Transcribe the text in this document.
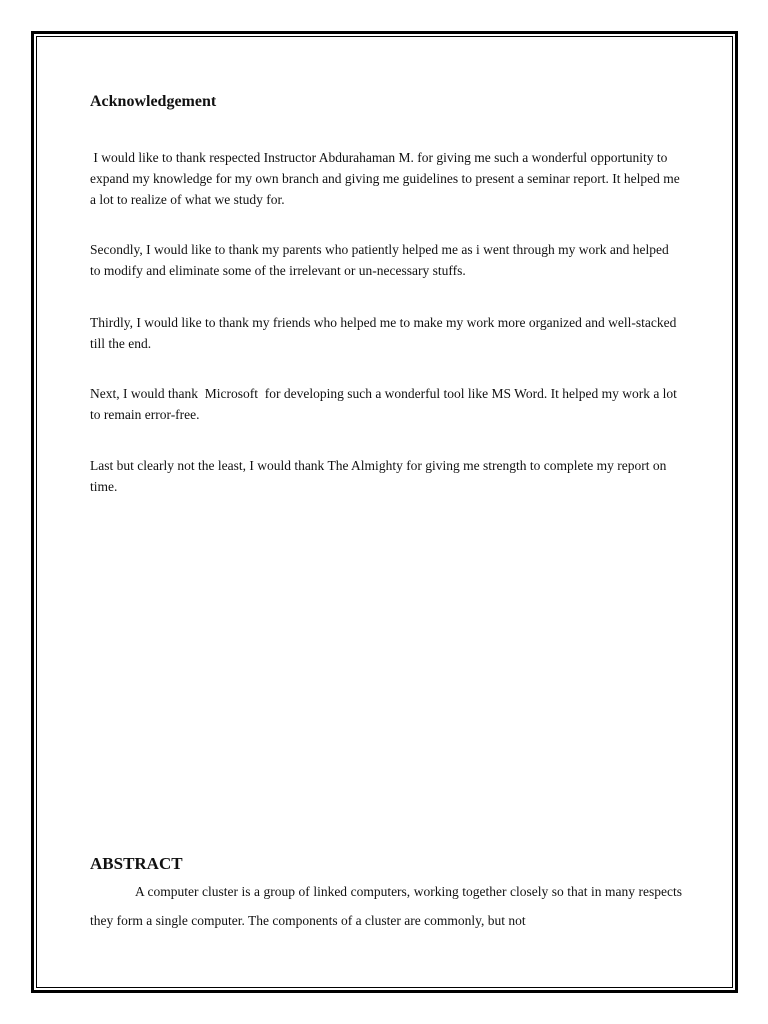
Acknowledgement

I would like to thank respected Instructor Abdurahaman M. for giving me such a wonderful opportunity to expand my knowledge for my own branch and giving me guidelines to present a seminar report. It helped me a lot to realize of what we study for.

Secondly, I would like to thank my parents who patiently helped me as i went through my work and helped to modify and eliminate some of the irrelevant or un-necessary stuffs.

Thirdly, I would like to thank my friends who helped me to make my work more organized and well-stacked till the end.

Next, I would thank  Microsoft  for developing such a wonderful tool like MS Word. It helped my work a lot to remain error-free.

Last but clearly not the least, I would thank The Almighty for giving me strength to complete my report on time.

ABSTRACT

A computer cluster is a group of linked computers, working together closely so that in many respects they form a single computer. The components of a cluster are commonly, but not
